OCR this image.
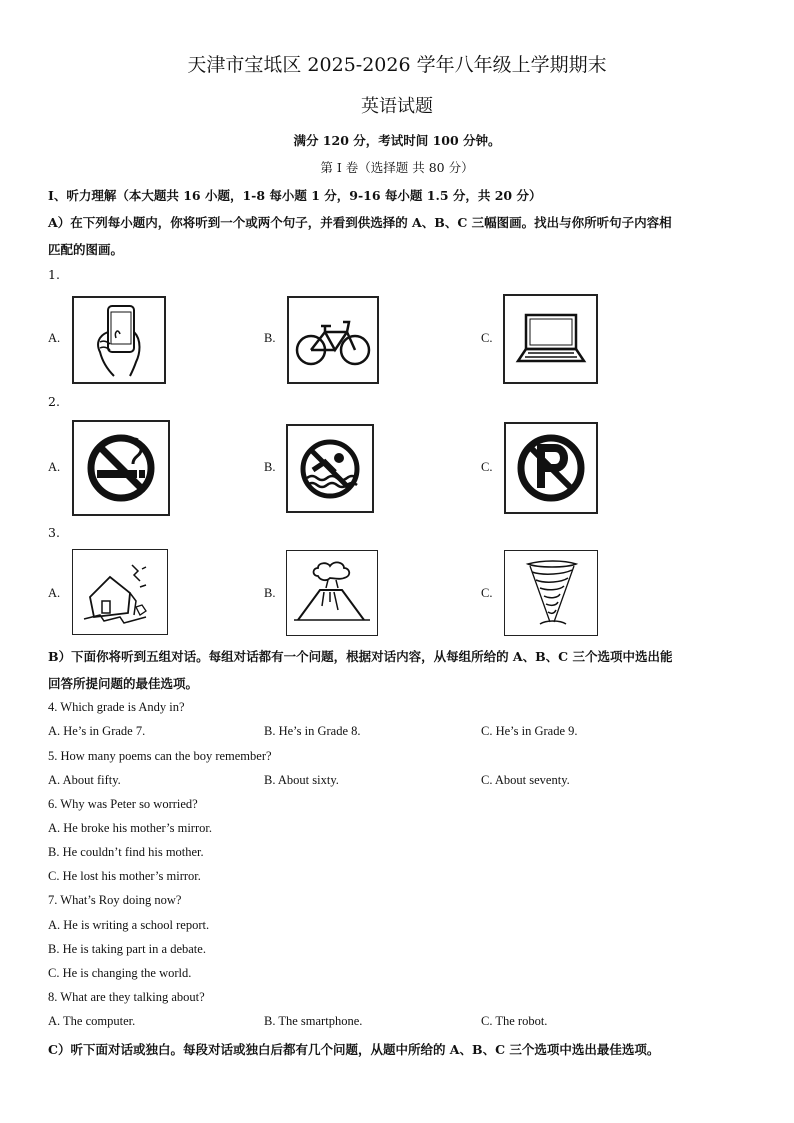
天津市宝坻区 2025-2026 学年八年级上学期期末
英语试题
满分 120 分，考试时间 100 分钟。
第 I 卷（选择题 共 80 分）
I、听力理解（本大题共 16 小题，1-8 每小题 1 分，9-16 每小题 1.5 分，共 20 分）
A）在下列每小题内，你将听到一个或两个句子，并看到供选择的 A、B、C 三幅图画。找出与你所听句子内容相
匹配的图画。
1.
A.	B.	C.
2.
A.	B.	C.
3.
A.	B.	C.
B）下面你将听到五组对话。每组对话都有一个问题，根据对话内容，从每组所给的 A、B、C 三个选项中选出能
回答所提问题的最佳选项。
4. Which grade is Andy in?
A. He’s in Grade 7.	B. He’s in Grade 8.	C. He’s in Grade 9.
5. How many poems can the boy remember?
A. About fifty.	B. About sixty.	C. About seventy.
6. Why was Peter so worried?
A. He broke his mother’s mirror.
B. He couldn’t find his mother.
C. He lost his mother’s mirror.
7. What’s Roy doing now?
A. He is writing a school report.
B. He is taking part in a debate.
C. He is changing the world.
8. What are they talking about?
A. The computer.	B. The smartphone.	C. The robot.
C）听下面对话或独白。每段对话或独白后都有几个问题，从题中所给的 A、B、C 三个选项中选出最佳选项。
